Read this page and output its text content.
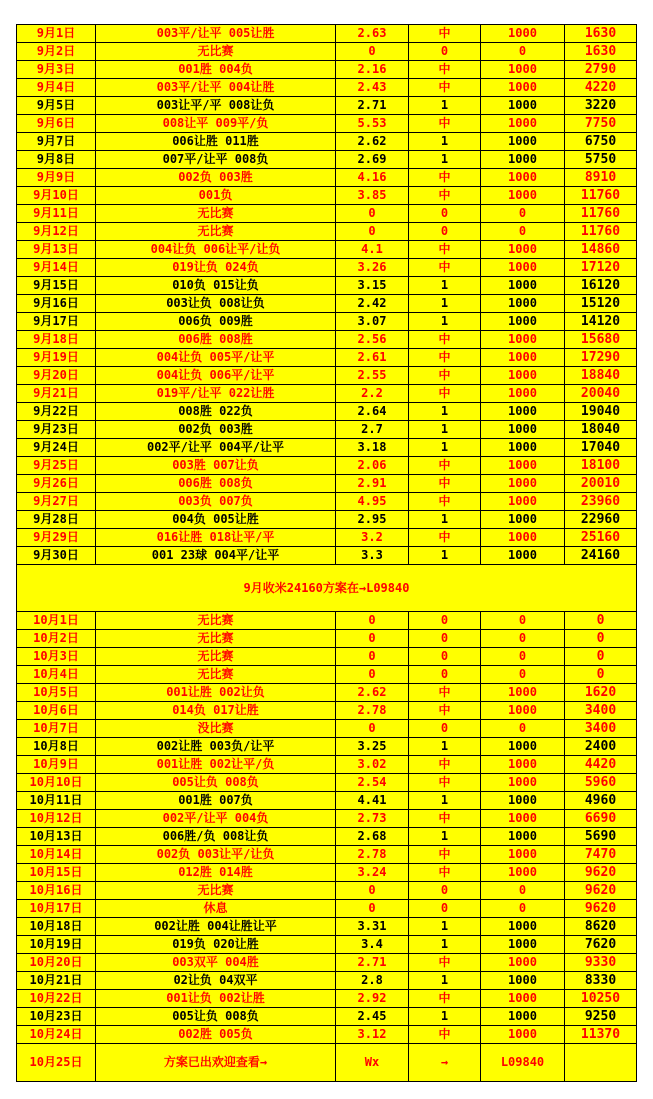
9月1日	003平/让平 005让胜	2.63	中	1000	1630
9月2日	无比赛	0	0	0	1630
9月3日	001胜 004负	2.16	中	1000	2790
9月4日	003平/让平 004让胜	2.43	中	1000	4220
9月5日	003让平/平 008让负	2.71	1	1000	3220
9月6日	008让平 009平/负	5.53	中	1000	7750
9月7日	006让胜 011胜	2.62	1	1000	6750
9月8日	007平/让平 008负	2.69	1	1000	5750
9月9日	002负 003胜	4.16	中	1000	8910
9月10日	001负	3.85	中	1000	11760
9月11日	无比赛	0	0	0	11760
9月12日	无比赛	0	0	0	11760
9月13日	004让负 006让平/让负	4.1	中	1000	14860
9月14日	019让负 024负	3.26	中	1000	17120
9月15日	010负 015让负	3.15	1	1000	16120
9月16日	003让负 008让负	2.42	1	1000	15120
9月17日	006负 009胜	3.07	1	1000	14120
9月18日	006胜 008胜	2.56	中	1000	15680
9月19日	004让负 005平/让平	2.61	中	1000	17290
9月20日	004让负 006平/让平	2.55	中	1000	18840
9月21日	019平/让平 022让胜	2.2	中	1000	20040
9月22日	008胜 022负	2.64	1	1000	19040
9月23日	002负 003胜	2.7	1	1000	18040
9月24日	002平/让平 004平/让平	3.18	1	1000	17040
9月25日	003胜 007让负	2.06	中	1000	18100
9月26日	006胜 008负	2.91	中	1000	20010
9月27日	003负 007负	4.95	中	1000	23960
9月28日	004负 005让胜	2.95	1	1000	22960
9月29日	016让胜 018让平/平	3.2	中	1000	25160
9月30日	001 23球 004平/让平	3.3	1	1000	24160
9月收米24160方案在→L09840					
10月1日	无比赛	0	0	0	0
10月2日	无比赛	0	0	0	0
10月3日	无比赛	0	0	0	0
10月4日	无比赛	0	0	0	0
10月5日	001让胜 002让负	2.62	中	1000	1620
10月6日	014负 017让胜	2.78	中	1000	3400
10月7日	没比赛	0	0	0	3400
10月8日	002让胜 003负/让平	3.25	1	1000	2400
10月9日	001让胜 002让平/负	3.02	中	1000	4420
10月10日	005让负 008负	2.54	中	1000	5960
10月11日	001胜 007负	4.41	1	1000	4960
10月12日	002平/让平 004负	2.73	中	1000	6690
10月13日	006胜/负 008让负	2.68	1	1000	5690
10月14日	002负 003让平/让负	2.78	中	1000	7470
10月15日	012胜 014胜	3.24	中	1000	9620
10月16日	无比赛	0	0	0	9620
10月17日	休息	0	0	0	9620
10月18日	002让胜 004让胜让平	3.31	1	1000	8620
10月19日	019负 020让胜	3.4	1	1000	7620
10月20日	003双平 004胜	2.71	中	1000	9330
10月21日	02让负 04双平	2.8	1	1000	8330
10月22日	001让负 002让胜	2.92	中	1000	10250
10月23日	005让负 008负	2.45	1	1000	9250
10月24日	002胜 005负	3.12	中	1000	11370
10月25日	方案已出欢迎查看→	Wx	→	L09840	
